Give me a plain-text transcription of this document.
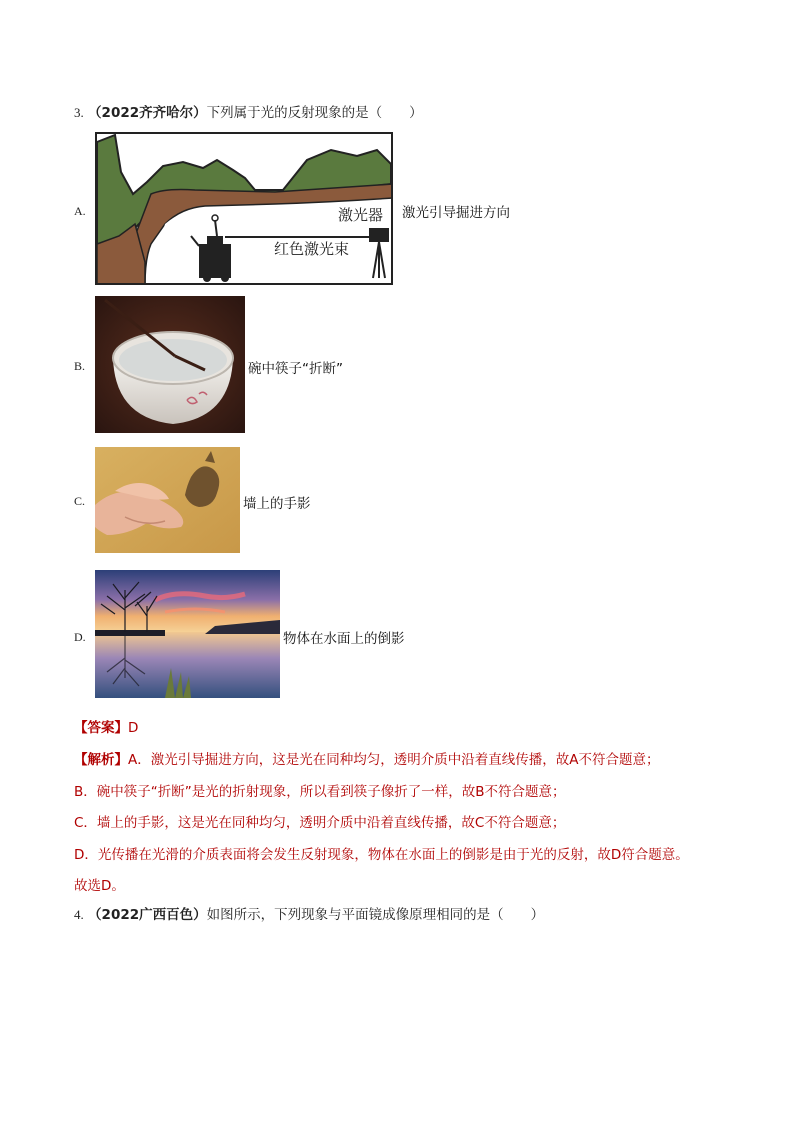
3. （2022齐齐哈尔）下列属于光的反射现象的是（　　）
A.	激光器
红色激光束
激光引导掘进方向
B.	碗中筷子“折断”
C.	墙上的手影
D.	物体在水面上的倒影
【答案】D
【解析】A．激光引导掘进方向，这是光在同种均匀，透明介质中沿着直线传播，故A不符合题意；
B．碗中筷子“折断”是光的折射现象，所以看到筷子像折了一样，故B不符合题意；
C．墙上的手影，这是光在同种均匀，透明介质中沿着直线传播，故C不符合题意；
D．光传播在光滑的介质表面将会发生反射现象，物体在水面上的倒影是由于光的反射，故D符合题意。
故选D。
4. （2022广西百色）如图所示，下列现象与平面镜成像原理相同的是（　　）
